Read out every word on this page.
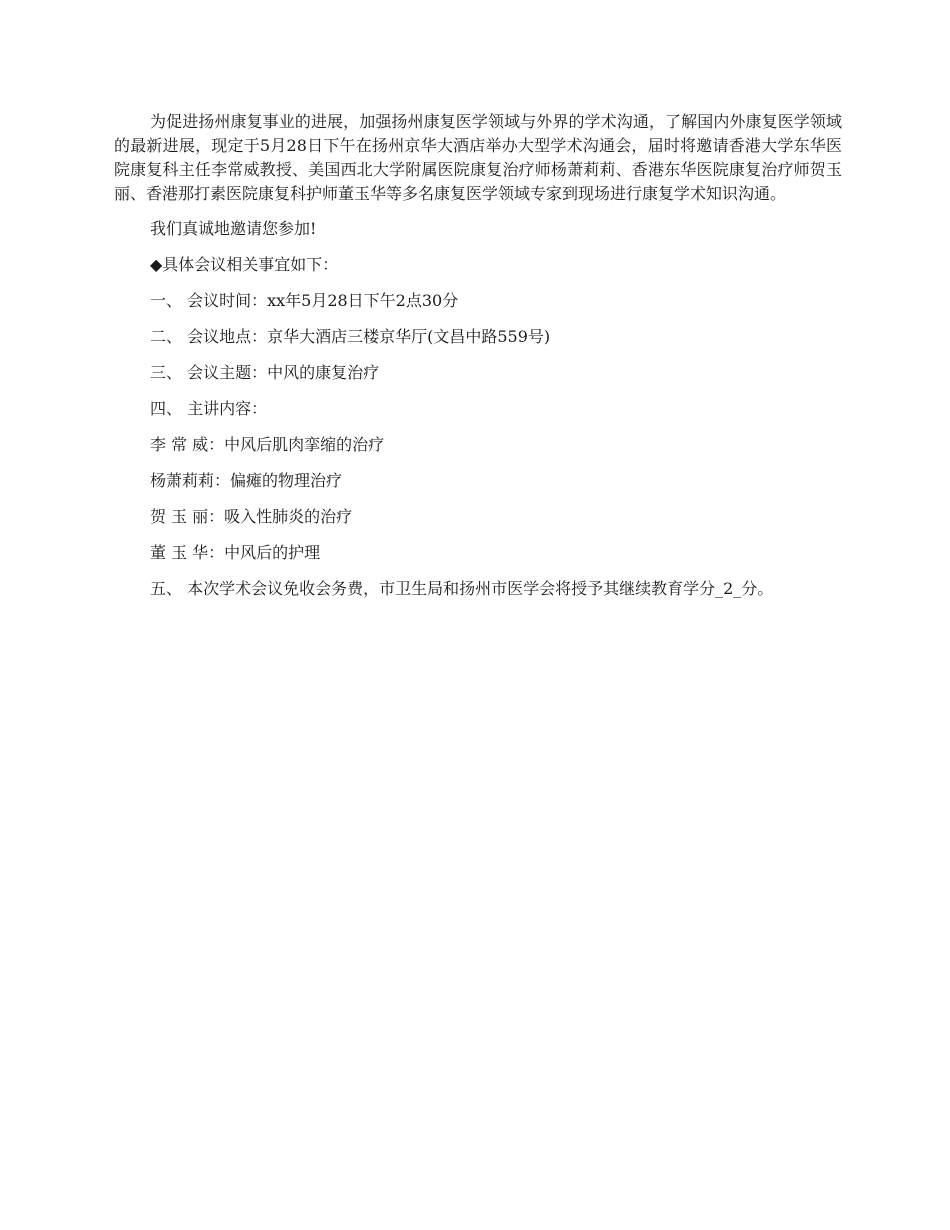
为促进扬州康复事业的进展，加强扬州康复医学领域与外界的学术沟通，了解国内外康复医学领域的最新进展，现定于5月28日下午在扬州京华大酒店举办大型学术沟通会，届时将邀请香港大学东华医院康复科主任李常威教授、美国西北大学附属医院康复治疗师杨萧莉莉、香港东华医院康复治疗师贺玉丽、香港那打素医院康复科护师董玉华等多名康复医学领域专家到现场进行康复学术知识沟通。

我们真诚地邀请您参加!

◆具体会议相关事宜如下：

一、 会议时间：xx年5月28日下午2点30分

二、 会议地点：京华大酒店三楼京华厅(文昌中路559号)

三、 会议主题：中风的康复治疗

四、 主讲内容：

李 常 威：中风后肌肉挛缩的治疗

杨萧莉莉：偏瘫的物理治疗

贺 玉 丽：吸入性肺炎的治疗

董 玉 华：中风后的护理

五、 本次学术会议免收会务费，市卫生局和扬州市医学会将授予其继续教育学分_2_分。
